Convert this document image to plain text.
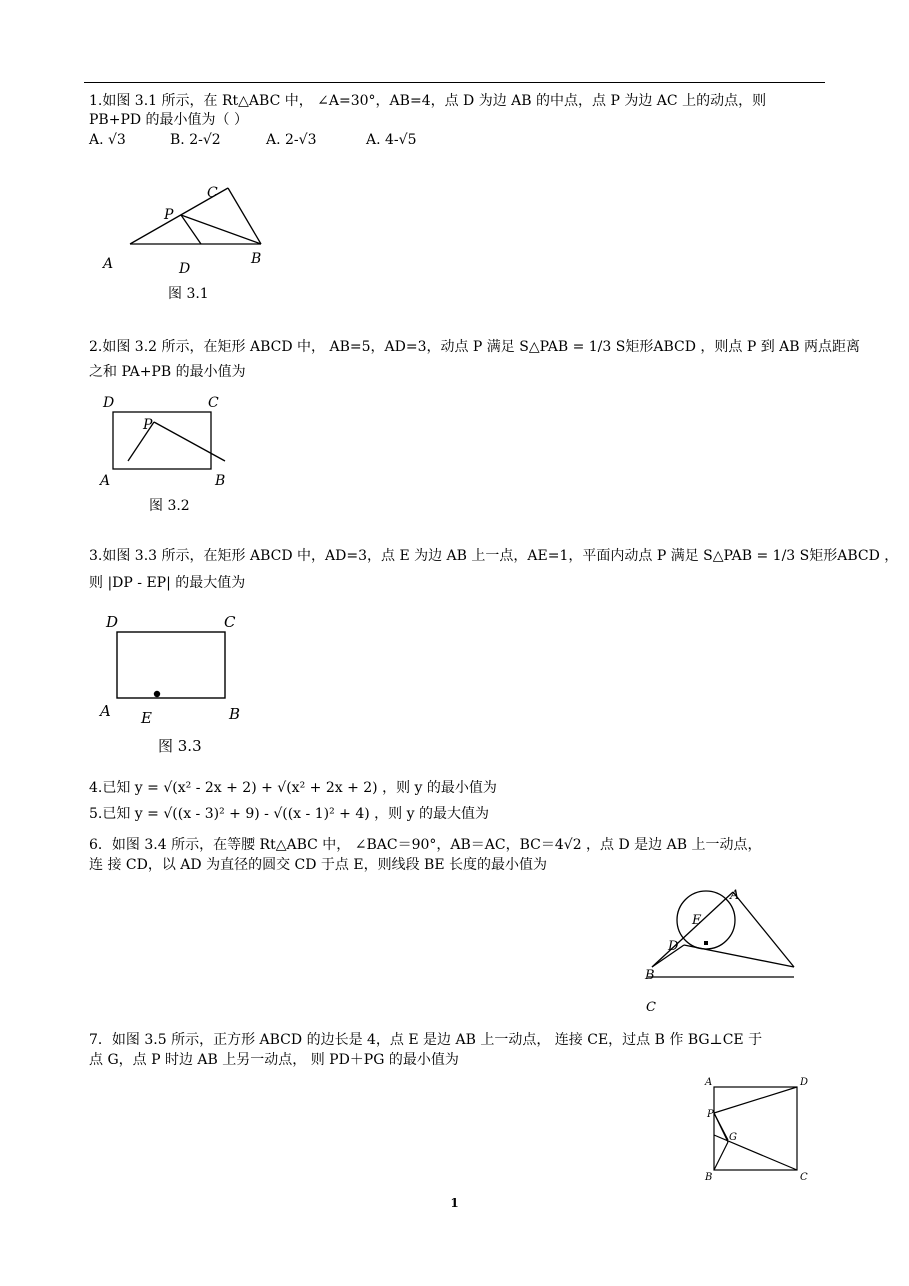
1.如图 3.1 所示，在 Rt△ABC 中， ∠A=30°，AB=4，点 D 为边 AB 的中点，点 P 为边 AC 上的动点，则
PB+PD 的最小值为（ ）
A. √3	B. 2-√2	A. 2-√3	A. 4-√5
A	D
B
C
P
图 3.1
2.如图 3.2 所示，在矩形 ABCD 中， AB=5，AD=3，动点 P 满足 S△PAB = 1/3 S矩形ABCD ，则点 P 到 AB 两点距离
之和 PA+PB 的最小值为
D	C
P
A	B
图 3.2
3.如图 3.3 所示，在矩形 ABCD 中，AD=3，点 E 为边 AB 上一点，AE=1，平面内动点 P 满足 S△PAB = 1/3 S矩形ABCD ，
则 |DP - EP| 的最大值为
D	C
A E	B
图 3.3
4.已知 y = √(x² - 2x + 2) + √(x² + 2x + 2) ，则 y 的最小值为
5.已知 y = √((x - 3)² + 9) - √((x - 1)² + 4) ，则 y 的最大值为
6．如图 3.4 所示，在等腰 Rt△ABC 中， ∠BAC＝90°，AB＝AC，BC＝4√2 ，点 D 是边 AB 上一动点，
连 接 CD，以 AD 为直径的圆交 CD 于点 E，则线段 BE 长度的最小值为
A
E
D
B
C
7．如图 3.5 所示，正方形 ABCD 的边长是 4，点 E 是边 AB 上一动点， 连接 CE，过点 B 作 BG⊥CE 于
点 G，点 P 时边 AB 上另一动点， 则 PD＋PG 的最小值为
A	D
P
G
B	C
1
